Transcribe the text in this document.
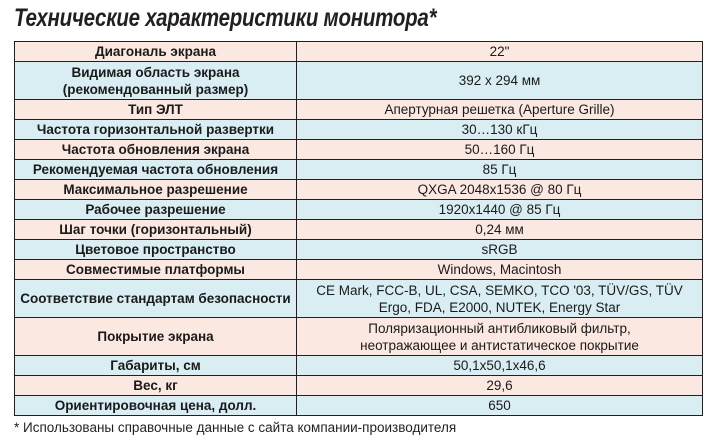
Технические характеристики монитора*
Диагональ экрана	22"
Видимая область экрана
(рекомендованный размер)	392 x 294 мм
Тип ЭЛТ	Апертурная решетка (Aperture Grille)
Частота горизонтальной развертки	30…130 кГц
Частота обновления экрана	50…160 Гц
Рекомендуемая частота обновления	85 Гц
Максимальное разрешение	QXGA 2048x1536 @ 80 Гц
Рабочее разрешение	1920x1440 @ 85 Гц
Шаг точки (горизонтальный)	0,24 мм
Цветовое пространство	sRGB
Совместимые платформы	Windows, Macintosh
Соответствие стандартам безопасности	CE Mark, FCC-B, UL, CSA, SEMKO, TCO '03, TÜV/GS, TÜV
Ergo, FDA, E2000, NUTEK, Energy Star
Покрытие экрана	Поляризационный антибликовый фильтр,
неотражающее и антистатическое покрытие
Габариты, см	50,1x50,1x46,6
Вес, кг	29,6
Ориентировочная цена, долл.	650
* Использованы справочные данные с сайта компании-производителя
